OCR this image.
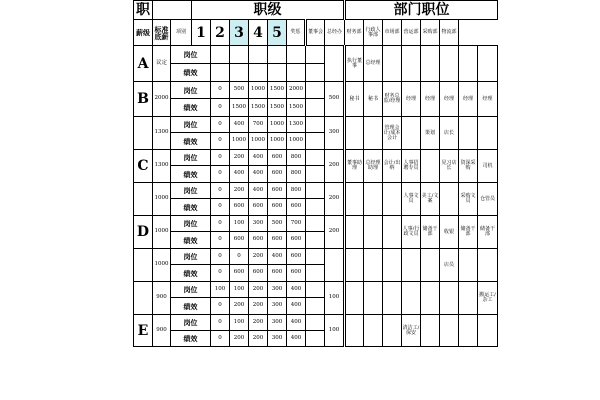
职			职级								部门职位							
薪级	标准底薪	项别	1	2	3	4	5	奖惩	董事会	总经办	财务部	行政人事部	市场部	营运部	采购部	物流部		
A	议定	岗位									执行董事	总经理						
		绩效																
B	2000	岗位		0	500	1000	1500	2000		500	秘书	秘书	财务总监/经理	经理	经理	经理	经理	经理
		绩效		0	1500	1500	1500	1500										
	1300	岗位		0	400	700	1000	1300		300			管理会计/成本会计		策划	店长		
		绩效		0	1000	1000	1000	1000										
C	1300	岗位		0	200	400	600	800		200	董事助理	总经理助理	会计/出纳	人事招聘专员		见习店长	资深采购	司机
		绩效		0	400	400	600	800										
	1000	岗位		0	200	400	600	800		200				人事文员	美工/文案		采购文员	仓管员
		绩效		0	600	600	600	600										
D	1000	岗位		0	100	300	500	700		200				人事/行政文员	储备干部	收银	储备干部	储备干部
		绩效		0	600	600	600	600										
	1000	岗位		0	0	200	400	600								店员		
		绩效		0	600	600	600	600										
	900	岗位		100	100	200	300	400		100								搬运工/杂工
		绩效		0	200	200	300	400										
E	900	岗位		0	100	200	300	400		100				清洁工/保安				
		绩效		0	200	200	300	400										
